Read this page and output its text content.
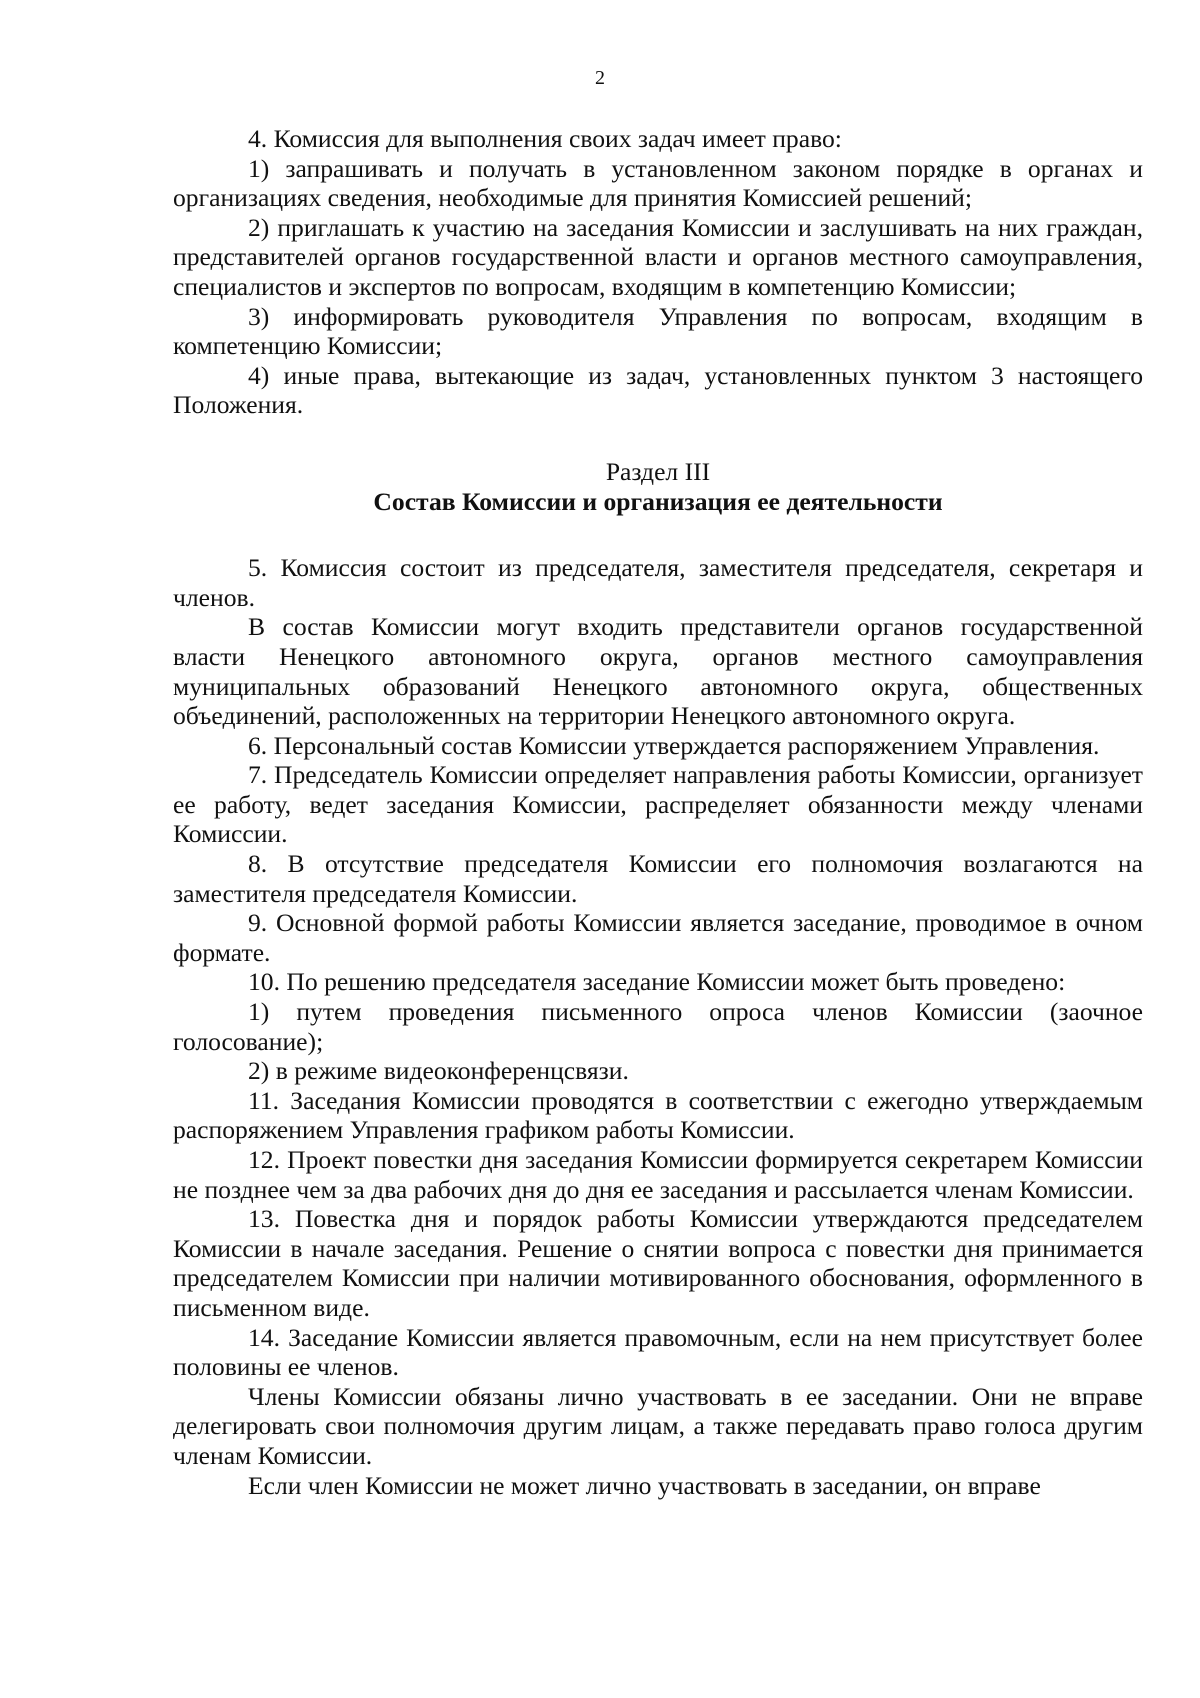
2

4. Комиссия для выполнения своих задач имеет право:

1) запрашивать и получать в установленном законом порядке в органах и организациях сведения, необходимые для принятия Комиссией решений;

2) приглашать к участию на заседания Комиссии и заслушивать на них граждан, представителей органов государственной власти и органов местного самоуправления, специалистов и экспертов по вопросам, входящим в компетенцию Комиссии;

3) информировать руководителя Управления по вопросам, входящим в компетенцию Комиссии;

4) иные права, вытекающие из задач, установленных пунктом 3 настоящего Положения.

Раздел III

Состав Комиссии и организация ее деятельности

5. Комиссия состоит из председателя, заместителя председателя, секретаря и членов.

В состав Комиссии могут входить представители органов государственной власти Ненецкого автономного округа, органов местного самоуправления муниципальных образований Ненецкого автономного округа, общественных объединений, расположенных на территории Ненецкого автономного округа.

6. Персональный состав Комиссии утверждается распоряжением Управления.

7. Председатель Комиссии определяет направления работы Комиссии, организует ее работу, ведет заседания Комиссии, распределяет обязанности между членами Комиссии.

8. В отсутствие председателя Комиссии его полномочия возлагаются на заместителя председателя Комиссии.

9. Основной формой работы Комиссии является заседание, проводимое в очном формате.

10. По решению председателя заседание Комиссии может быть проведено:

1) путем проведения письменного опроса членов Комиссии (заочное голосование);

2) в режиме видеоконференцсвязи.

11. Заседания Комиссии проводятся в соответствии с ежегодно утверждаемым распоряжением Управления графиком работы Комиссии.

12. Проект повестки дня заседания Комиссии формируется секретарем Комиссии не позднее чем за два рабочих дня до дня ее заседания и рассылается членам Комиссии.

13. Повестка дня и порядок работы Комиссии утверждаются председателем Комиссии в начале заседания. Решение о снятии вопроса с повестки дня принимается председателем Комиссии при наличии мотивированного обоснования, оформленного в письменном виде.

14. Заседание Комиссии является правомочным, если на нем присутствует более половины ее членов.

Члены Комиссии обязаны лично участвовать в ее заседании. Они не вправе делегировать свои полномочия другим лицам, а также передавать право голоса другим членам Комиссии.

Если член Комиссии не может лично участвовать в заседании, он вправе
